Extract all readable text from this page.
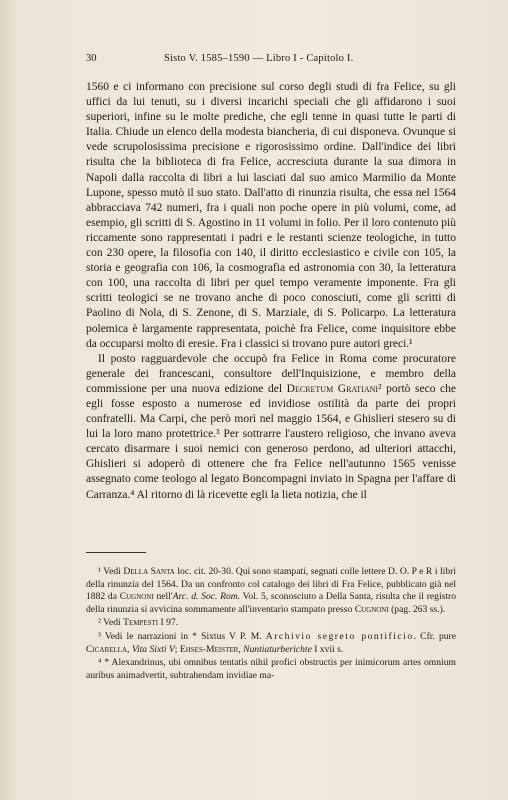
30	Sisto V. 1585–1590 — Libro I - Capitolo I.

1560 e ci informano con precisione sul corso degli studi di fra Felice, su gli uffici da lui tenuti, su i diversi incarichi speciali che gli affidarono i suoi superiori, infine su le molte prediche, che egli tenne in quasi tutte le parti di Italia. Chiude un elenco della modesta biancheria, di cui disponeva. Ovunque si vede scrupolosissima precisione e rigorosissimo ordine. Dall'indice dei libri risulta che la biblioteca di fra Felice, accresciuta durante la sua dimora in Napoli dalla raccolta di libri a lui lasciati dal suo amico Marmilio da Monte Lupone, spesso mutò il suo stato. Dall'atto di rinunzia risulta, che essa nel 1564 abbracciava 742 numeri, fra i quali non poche opere in più volumi, come, ad esempio, gli scritti di S. Agostino in 11 volumi in folio. Per il loro contenuto più riccamente sono rappresentati i padri e le restanti scienze teologiche, in tutto con 230 opere, la filosofia con 140, il diritto ecclesiastico e civile con 105, la storia e geografia con 106, la cosmografia ed astronomia con 30, la letteratura con 100, una raccolta di libri per quel tempo veramente imponente. Fra gli scritti teologici se ne trovano anche di poco conosciuti, come gli scritti di Paolino di Nola, di S. Zenone, di S. Marziale, di S. Policarpo. La letteratura polemica è largamente rappresentata, poichè fra Felice, come inquisitore ebbe da occuparsi molto di eresie. Fra i classici si trovano pure autori greci.¹

Il posto ragguardevole che occupò fra Felice in Roma come procuratore generale dei francescani, consultore dell'Inquisizione, e membro della commissione per una nuova edizione del Decretum Gratiani² portò seco che egli fosse esposto a numerose ed invidiose ostilità da parte dei propri confratelli. Ma Carpi, che però morì nel maggio 1564, e Ghislieri stesero su di lui la loro mano protettrice.³ Per sottrarre l'austero religioso, che invano aveva cercato disarmare i suoi nemici con generoso perdono, ad ulteriori attacchi, Ghislieri si adoperò di ottenere che fra Felice nell'autunno 1565 venisse assegnato come teologo al legato Boncompagni inviato in Spagna per l'affare di Carranza.⁴ Al ritorno di là ricevette egli la lieta notizia, che il

¹ Vedi Della Santa loc. cit. 20-30. Qui sono stampati, segnati colle lettere D. O. P e R i libri della rinunzia del 1564. Da un confronto col catalogo dei libri di Fra Felice, pubblicato già nel 1882 da Cugnoni nell'Arc. d. Soc. Rom. Vol. 5, sconosciuto a Della Santa, risulta che il registro della rinunzia si avvicina sommamente all'inventario stampato presso Cugnoni (pag. 263 ss.).

² Vedi Tempesti I 97.

³ Vedi le narrazioni in * Sixtus V P. M. Archivio segreto pontificio. Cfr. pure Cicarella, Vita Sixti V; Ehses-Meister, Nuntiaturberichte I xvii s.

⁴ * Alexandrinus, ubi omnibus tentatis nihil profici obstructis per inimicorum artes omnium auribus animadvertit, subtrahendam invidiae ma-
